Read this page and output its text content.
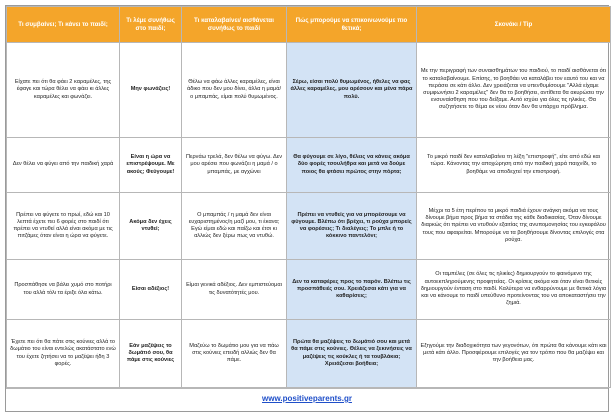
Τι συμβαίνει; Τι κάνει το παιδί;	Τι λέμε συνήθως στο παιδί;	Τι καταλαβαίνει/ αισθάνεται συνήθως το παιδί	Πώς μπορούμε να επικοινωνούμε πιο θετικά;	Σκονάκι / Tip
Είχατε πει ότι θα φάει 2 καραμέλες, της έφαγε και τώρα θέλει να φάει κι άλλες καραμέλες και φωνάζει.	Μην φωνάζεις!	Θέλω να φάω άλλες καραμέλες, είναι άδικο που δεν μου δίνει, άλλα η μαμά/ ο μπαμπάς, είμαι πολύ θυμωμένος.	Σέρω, είσαι πολύ θυμωμένος, ήθελες να φας άλλες καραμέλες, μου αρέσουν και μένα πάρα πολύ.	Με την περιγραφή των συναισθημάτων του παιδιού, το παιδί αισθάνεται ότι το καταλαβαίνουμε. Επίσης, το βοηθάει να καταλάβει τον εαυτό του και να περάσει σε κάτι άλλο. Δεν χρειάζεται να υπενθυμίσουμε "Αλλά είχαμε συμφωνήσει 2 καραμέλες" δεν θα το βοηθήσει, αντίθετα θα ακυρώσει την ενσυναίσθηση που του δείξαμε. Αυτό ισχύει για όλες τις ηλικίες. Θα συζητήσετε το θέμα εκ νέου όταν δεν θα υπάρχει πρόβλημα.
Δεν θέλει να φύγει από την παιδική χαρά	Είναι η ώρα να επιστρέψουμε. Με ακούς; Φεύγουμε!	Περνάω τρελά, δεν θέλω να φύγω. Δεν μου αρέσει που φωνάζει η μαμά / ο μπαμπάς, με αγχώνει	Θα φύγουμε σε λίγο, θέλεις να κάνεις ακόμα δύο φορές τσουλήθρα και μετά να δούμε ποιος θα φτάσει πρώτος στην πόρτα;	Το μικρό παιδί δεν καταλαβαίνει τη λέξη "επιστροφή", είτε από εδώ και τώρα. Κάνοντας την αποχώρηση από την παιδική χαρά παιχνίδι, το βοηθάμε να αποδεχτεί την επιστροφή.
Πρέπει να φύγετε το πρωί, εδώ και 10 λεπτά έχετε πει 6 φορές στο παιδί ότι πρέπει να ντυθεί αλλά είναι ακόμα με τις πιτζάμες όταν είναι η ώρα να φύγετε.	Ακόμα δεν έχεις ντυθεί;	Ο μπαμπάς / η μαμά δεν είναι ευχαριστημένος/η μαζί μου, τι έκανα; Εγώ είμαι εδώ και παίζω και έτσι κι αλλιώς δεν ξέρω πως να ντυθώ.	Πρέπει να ντυθείς για να μπορέσουμε να φύγουμε. Βλέπω ότι βρέχει, τι ρούχα μπορείς να φορέσεις; Τι διαλέγεις; Το μπλε ή το κόκκινο παντελόνι;	Μέχρι τα 5 έτη περίπου τα μικρό παιδιά έχουν ανάγκη ακόμα να τους δίνουμε βήμα προς βήμα τα στάδια της κάθε διαδικασίας. Όταν δίνουμε διαρκώς ότι πρέπει να ντυθούν εξαιτίας της ανυπομονησίας του εγκεφάλου τους που αφαιρείται. Μπορούμε να τα βοηθήσουμε δίνοντας επιλογές στα ρούχα.
Προσπάθησε να βάλει χυμό στο ποτήρι του αλλά τόλι τα έριξε όλα κάτω.	Είσαι αδέξιος!	Είμαι γενικά αδέξιος. Δεν εμπιστεύομαι τις δυνατότητές μου.	Δεν τα καταφέρες προς το παρόν. Βλέπω τις προσπάθειές σου. Χρειάζεσαι κάτι για να καθαρίσεις;	Οι ταμπέλες (σε όλες τις ηλικίες) δημιουργούν το φαινόμενο της αυτοεκπληρούμενης προφητείας. Οι κρίσεις ακόμα και όταν είναι θετικές δημιουργούν ένταση στο παιδί. Καλύτερα να ενθαρρύνουμε με θετικά λόγια και να κάνουμε το παιδί υπεύθυνο προτείνοντας του να αποκαταστήσει την ζημιά.
Έχετε πει ότι θα πάτε στις κούνιες αλλά το δωμάτιο του είναι εντελώς ακατάστατο ενώ του έχετε ζητήσει να το μαζέψει ήδη 3 φορές.	Εάν μαζέψεις το δωμάτιό σου, θα πάμε στις κούνιες	Μαζεύω το δωμάτιο μου για να πάω στις κούνιες επειδή αλλιώς δεν θα πάμε.	Πρώτα θα μαζέψεις το δωμάτιό σου και μετά θα πάμε στις κούνιες. Θέλεις να ξεκινήσεις να μαζέψεις τις κούκλες ή τα τουβλάκια; Χρειάζεσαι βοήθεια;	Εξηγούμε την διαδοχικότητα των γεγονότων, ότι πρώτα θα κάνουμε κάτι και μετά κάτι άλλο. Προσφέρουμε επιλογές για τον τρόπο που θα μαζέψει και την βοήθεια μας.
www.positiveparents.gr
